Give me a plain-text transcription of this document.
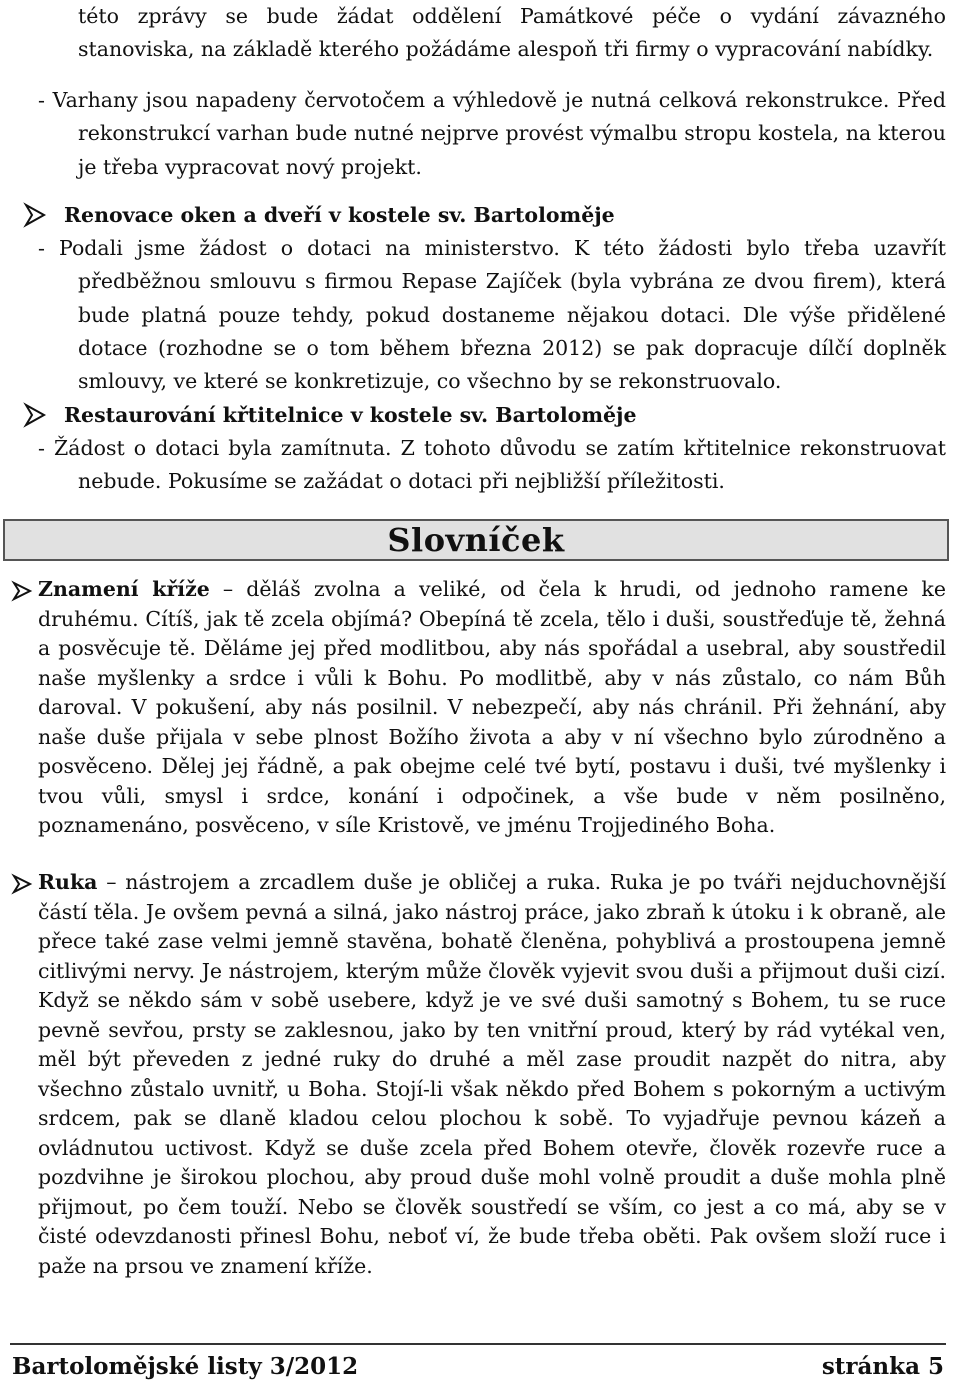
této zprávy se bude žádat oddělení Památkové péče o vydání závazného stanoviska, na základě kterého požádáme alespoň tři firmy o vypracování nabídky.

- Varhany jsou napadeny červotočem a výhledově je nutná celková rekonstrukce. Před rekonstrukcí varhan bude nutné nejprve provést výmalbu stropu kostela, na kterou je třeba vypracovat nový projekt.

Renovace oken a dveří v kostele sv. Bartoloměje

- Podali jsme žádost o dotaci na ministerstvo. K této žádosti bylo třeba uzavřít předběžnou smlouvu s firmou Repase Zajíček (byla vybrána ze dvou firem), která bude platná pouze tehdy, pokud dostaneme nějakou dotaci. Dle výše přidělené dotace (rozhodne se o tom během března 2012) se pak dopracuje dílčí doplněk smlouvy, ve které se konkretizuje, co všechno by se rekonstruovalo.

Restaurování křtitelnice v kostele sv. Bartoloměje

- Žádost o dotaci byla zamítnuta. Z tohoto důvodu se zatím křtitelnice rekonstruovat nebude. Pokusíme se zažádat o dotaci při nejbližší příležitosti.

Slovníček

Znamení kříže – děláš zvolna a veliké, od čela k hrudi, od jednoho ramene ke druhému. Cítíš, jak tě zcela objímá? Obepíná tě zcela, tělo i duši, soustřeďuje tě, žehná a posvěcuje tě. Děláme jej před modlitbou, aby nás spořádal a usebral, aby soustředil naše myšlenky a srdce i vůli k Bohu. Po modlitbě, aby v nás zůstalo, co nám Bůh daroval. V pokušení, aby nás posilnil. V nebezpečí, aby nás chránil. Při žehnání, aby naše duše přijala v sebe plnost Božího života a aby v ní všechno bylo zúrodněno a posvěceno. Dělej jej řádně, a pak obejme celé tvé bytí, postavu i duši, tvé myšlenky i tvou vůli, smysl i srdce, konání i odpočinek, a vše bude v něm posilněno, poznamenáno, posvěceno, v síle Kristově, ve jménu Trojjediného Boha.

Ruka – nástrojem a zrcadlem duše je obličej a ruka. Ruka je po tváři nejduchovnější částí těla. Je ovšem pevná a silná, jako nástroj práce, jako zbraň k útoku i k obraně, ale přece také zase velmi jemně stavěna, bohatě členěna, pohyblivá a prostoupena jemně citlivými nervy. Je nástrojem, kterým může člověk vyjevit svou duši a přijmout duši cizí. Když se někdo sám v sobě usebere, když je ve své duši samotný s Bohem, tu se ruce pevně sevřou, prsty se zaklesnou, jako by ten vnitřní proud, který by rád vytékal ven, měl být převeden z jedné ruky do druhé a měl zase proudit nazpět do nitra, aby všechno zůstalo uvnitř, u Boha. Stojí-li však někdo před Bohem s pokorným a uctivým srdcem, pak se dlaně kladou celou plochou k sobě. To vyjadřuje pevnou kázeň a ovládnutou uctivost. Když se duše zcela před Bohem otevře, člověk rozevře ruce a pozdvihne je širokou plochou, aby proud duše mohl volně proudit a duše mohla plně přijmout, po čem touží. Nebo se člověk soustředí se vším, co jest a co má, aby se v čisté odevzdanosti přinesl Bohu, neboť ví, že bude třeba oběti. Pak ovšem složí ruce i paže na prsou ve znamení kříže.

Bartolomějské listy 3/2012	stránka 5
